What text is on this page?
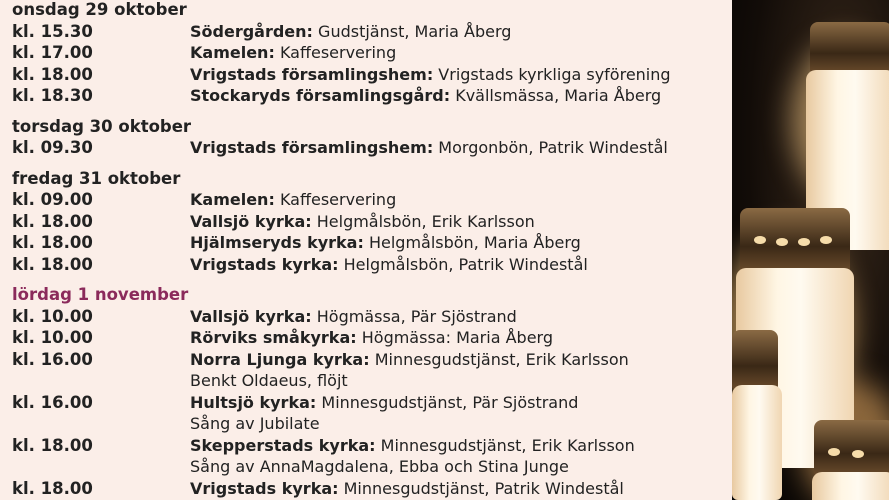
onsdag 29 oktober
kl. 15.30	Södergården: Gudstjänst, Maria Åberg
kl. 17.00	Kamelen: Kaffeservering
kl. 18.00	Vrigstads församlingshem: Vrigstads kyrkliga syförening
kl. 18.30	Stockaryds församlingsgård: Kvällsmässa, Maria Åberg
torsdag 30 oktober
kl. 09.30	Vrigstads församlingshem: Morgonbön, Patrik Windestål
fredag 31 oktober
kl. 09.00	Kamelen: Kaffeservering
kl. 18.00	Vallsjö kyrka: Helgmålsbön, Erik Karlsson
kl. 18.00	Hjälmseryds kyrka: Helgmålsbön, Maria Åberg
kl. 18.00	Vrigstads kyrka: Helgmålsbön, Patrik Windestål
lördag 1 november
kl. 10.00	Vallsjö kyrka: Högmässa, Pär Sjöstrand
kl. 10.00	Rörviks småkyrka: Högmässa: Maria Åberg
kl. 16.00	Norra Ljunga kyrka: Minnesgudstjänst, Erik Karlsson
Benkt Oldaeus, flöjt
kl. 16.00	Hultsjö kyrka: Minnesgudstjänst, Pär Sjöstrand
Sång av Jubilate
kl. 18.00	Skepperstads kyrka: Minnesgudstjänst, Erik Karlsson
Sång av AnnaMagdalena, Ebba och Stina Junge
kl. 18.00	Vrigstads kyrka: Minnesgudstjänst, Patrik Windestål
